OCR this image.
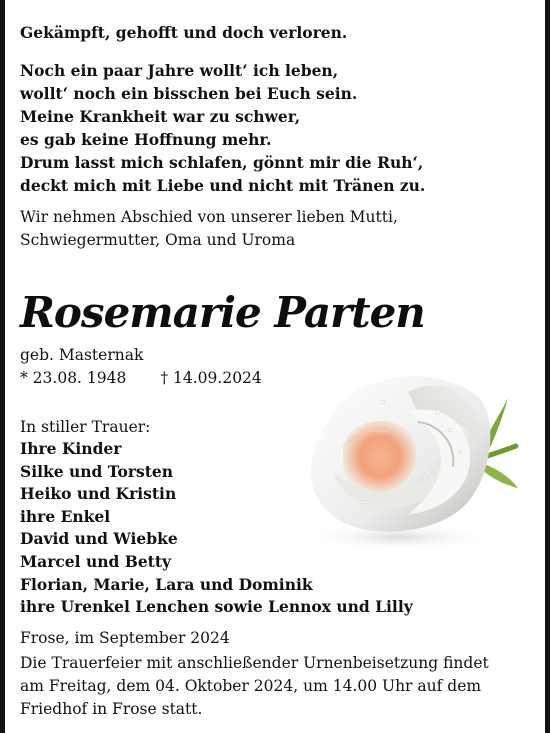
Gekämpft, gehofft und doch verloren.
Noch ein paar Jahre wollt‘ ich leben,
wollt‘ noch ein bisschen bei Euch sein.
Meine Krankheit war zu schwer,
es gab keine Hoffnung mehr.
Drum lasst mich schlafen, gönnt mir die Ruh‘,
deckt mich mit Liebe und nicht mit Tränen zu.
Wir nehmen Abschied von unserer lieben Mutti,
Schwiegermutter, Oma und Uroma
Rosemarie Parten
geb. Masternak
* 23.08. 1948 † 14.09.2024
In stiller Trauer:
Ihre Kinder
Silke und Torsten
Heiko und Kristin
ihre Enkel
David und Wiebke
Marcel und Betty
Florian, Marie, Lara und Dominik
ihre Urenkel Lenchen sowie Lennox und Lilly
Frose, im September 2024
Die Trauerfeier mit anschließender Urnenbeisetzung findet
am Freitag, dem 04. Oktober 2024, um 14.00 Uhr auf dem
Friedhof in Frose statt.
